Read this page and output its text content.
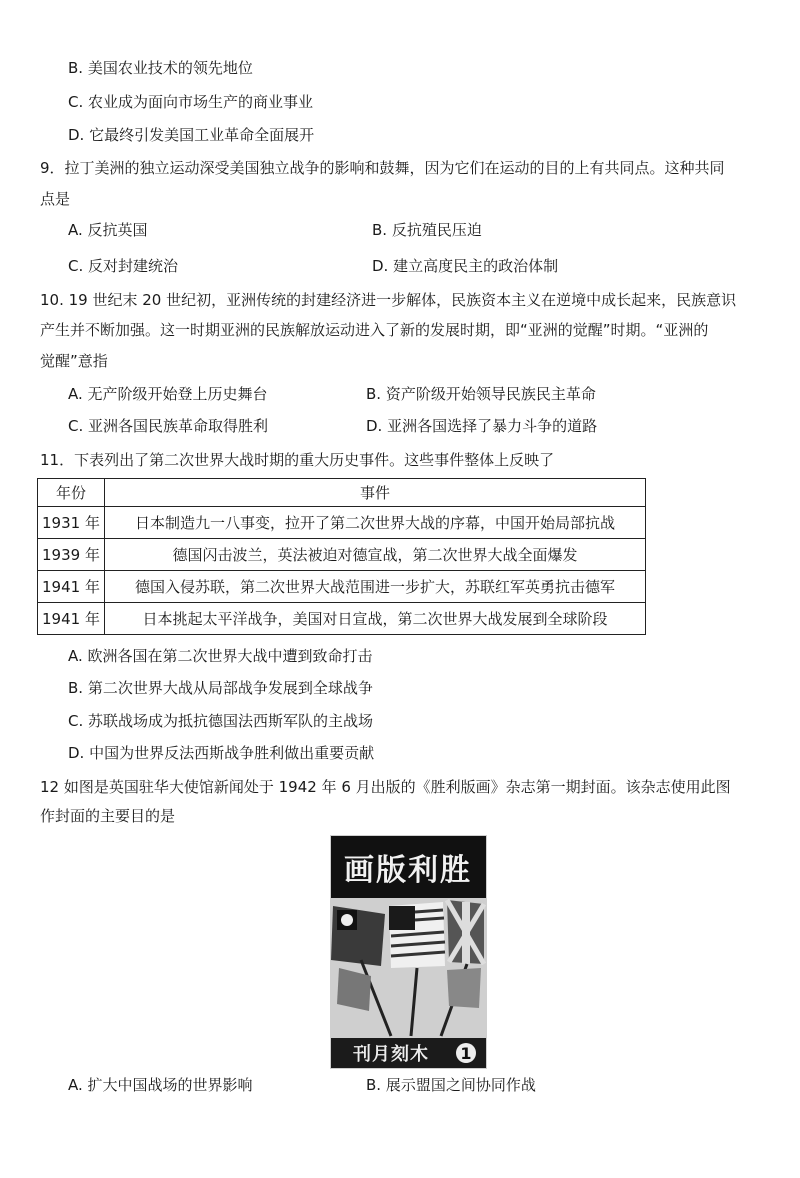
B. 美国农业技术的领先地位
C. 农业成为面向市场生产的商业事业
D. 它最终引发美国工业革命全面展开
9．拉丁美洲的独立运动深受美国独立战争的影响和鼓舞，因为它们在运动的目的上有共同点。这种共同
点是
A. 反抗英国	B. 反抗殖民压迫
C. 反对封建统治	D. 建立高度民主的政治体制
10. 19 世纪末 20 世纪初，亚洲传统的封建经济进一步解体，民族资本主义在逆境中成长起来，民族意识
产生并不断加强。这一时期亚洲的民族解放运动进入了新的发展时期，即“亚洲的觉醒”时期。“亚洲的
觉醒”意指
A. 无产阶级开始登上历史舞台	B. 资产阶级开始领导民族民主革命
C. 亚洲各国民族革命取得胜利	D. 亚洲各国选择了暴力斗争的道路
11．下表列出了第二次世界大战时期的重大历史事件。这些事件整体上反映了
年份	事件
1931 年	日本制造九一八事变，拉开了第二次世界大战的序幕，中国开始局部抗战
1939 年	德国闪击波兰，英法被迫对德宣战，第二次世界大战全面爆发
1941 年	德国入侵苏联，第二次世界大战范围进一步扩大，苏联红军英勇抗击德军
1941 年	日本挑起太平洋战争，美国对日宣战，第二次世界大战发展到全球阶段
A. 欧洲各国在第二次世界大战中遭到致命打击
B. 第二次世界大战从局部战争发展到全球战争
C. 苏联战场成为抵抗德国法西斯军队的主战场
D. 中国为世界反法西斯战争胜利做出重要贡献
12 如图是英国驻华大使馆新闻处于 1942 年 6 月出版的《胜利版画》杂志第一期封面。该杂志使用此图
作封面的主要目的是
胜利版画
刊月刻木 1
A. 扩大中国战场的世界影响	B. 展示盟国之间协同作战
